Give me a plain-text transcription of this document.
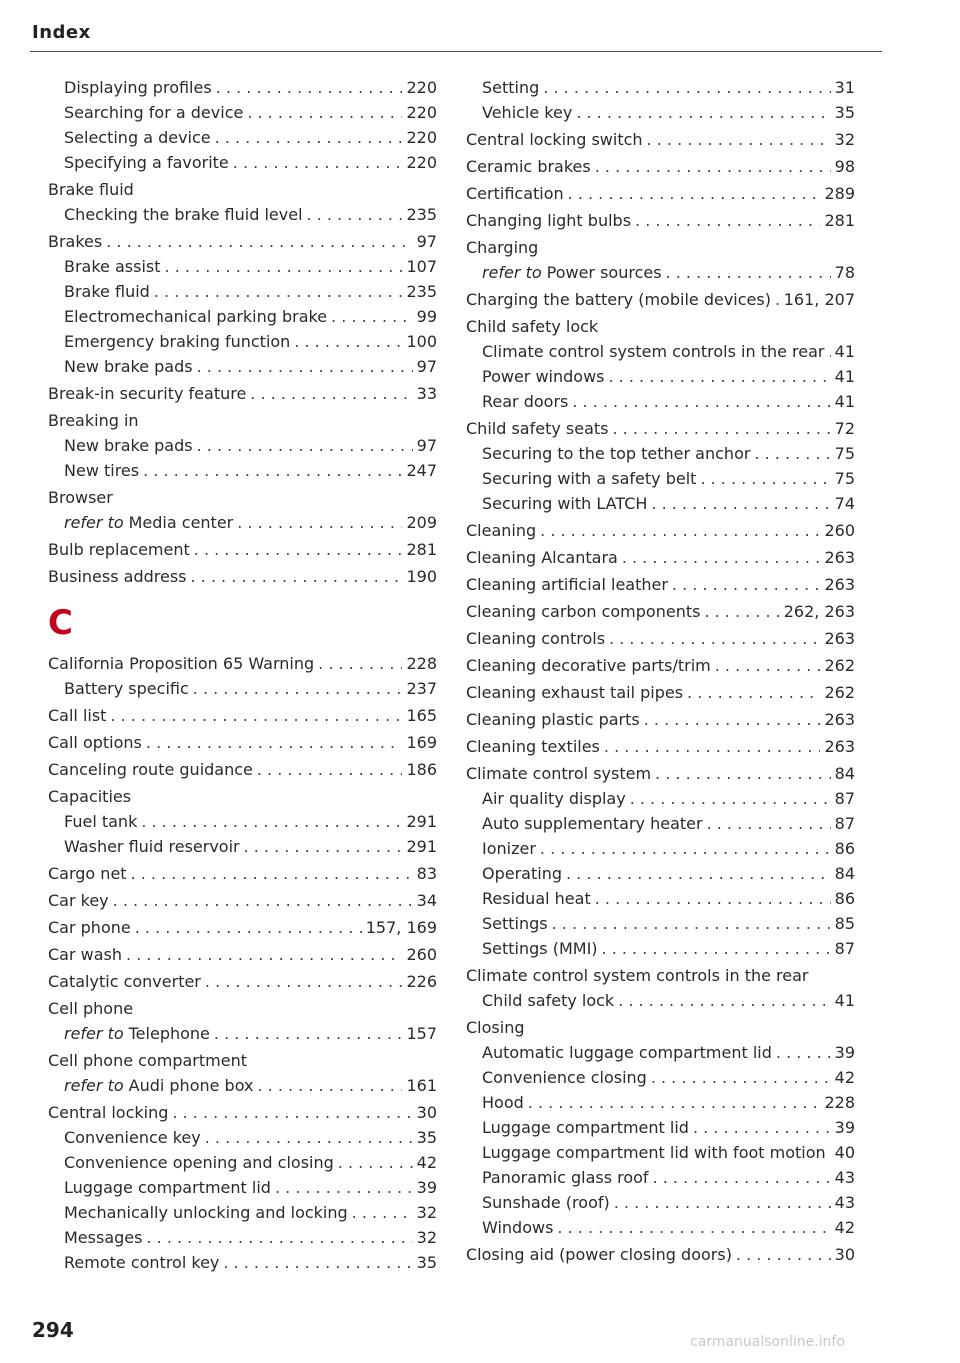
Index
Displaying profiles . . .	220
Searching for a device . . .	220
Selecting a device . . .	220
Specifying a favorite . . .	220
Brake fluid
Checking the brake fluid level . . .	235
Brakes . . .	97
Brake assist . . .	107
Brake fluid . . .	235
Electromechanical parking brake . . .	99
Emergency braking function . . .	100
New brake pads . . .	97
Break-in security feature . . .	33
Breaking in
New brake pads . . .	97
New tires . . .	247
Browser
refer to Media center . . .	209
Bulb replacement . . .	281
Business address . . .	190
C
California Proposition 65 Warning . . .	228
Battery specific . . .	237
Call list . . .	165
Call options . . .	169
Canceling route guidance . . .	186
Capacities
Fuel tank . . .	291
Washer fluid reservoir . . .	291
Cargo net . . .	83
Car key . . .	34
Car phone . . .	157, 169
Car wash . . .	260
Catalytic converter . . .	226
Cell phone
refer to Telephone . . .	157
Cell phone compartment
refer to Audi phone box . . .	161
Central locking . . .	30
Convenience key . . .	35
Convenience opening and closing . . .	42
Luggage compartment lid . . .	39
Mechanically unlocking and locking . . .	32
Messages . . .	32
Remote control key . . .	35
Setting . . .	31
Vehicle key . . .	35
Central locking switch . . .	32
Ceramic brakes . . .	98
Certification . . .	289
Changing light bulbs . . .	281
Charging
refer to Power sources . . .	78
Charging the battery (mobile devices) . . . 161, 207
Child safety lock
Climate control system controls in the rear . . . 41
Power windows . . .	41
Rear doors . . .	41
Child safety seats . . .	72
Securing to the top tether anchor . . .	75
Securing with a safety belt . . .	75
Securing with LATCH . . .	74
Cleaning . . .	260
Cleaning Alcantara . . .	263
Cleaning artificial leather . . .	263
Cleaning carbon components . . .	262, 263
Cleaning controls . . .	263
Cleaning decorative parts/trim . . .	262
Cleaning exhaust tail pipes . . .	262
Cleaning plastic parts . . .	263
Cleaning textiles . . .	263
Climate control system . . .	84
Air quality display . . .	87
Auto supplementary heater . . .	87
Ionizer . . .	86
Operating . . .	84
Residual heat . . .	86
Settings . . .	85
Settings (MMI) . . .	87
Climate control system controls in the rear
Child safety lock . . .	41
Closing
Automatic luggage compartment lid . . .	39
Convenience closing . . .	42
Hood . . .	228
Luggage compartment lid . . .	39
Luggage compartment lid with foot motion . . . 40
Panoramic glass roof . . .	43
Sunshade (roof) . . .	43
Windows . . .	42
Closing aid (power closing doors) . . .	30
294	carmanualsonline.info
